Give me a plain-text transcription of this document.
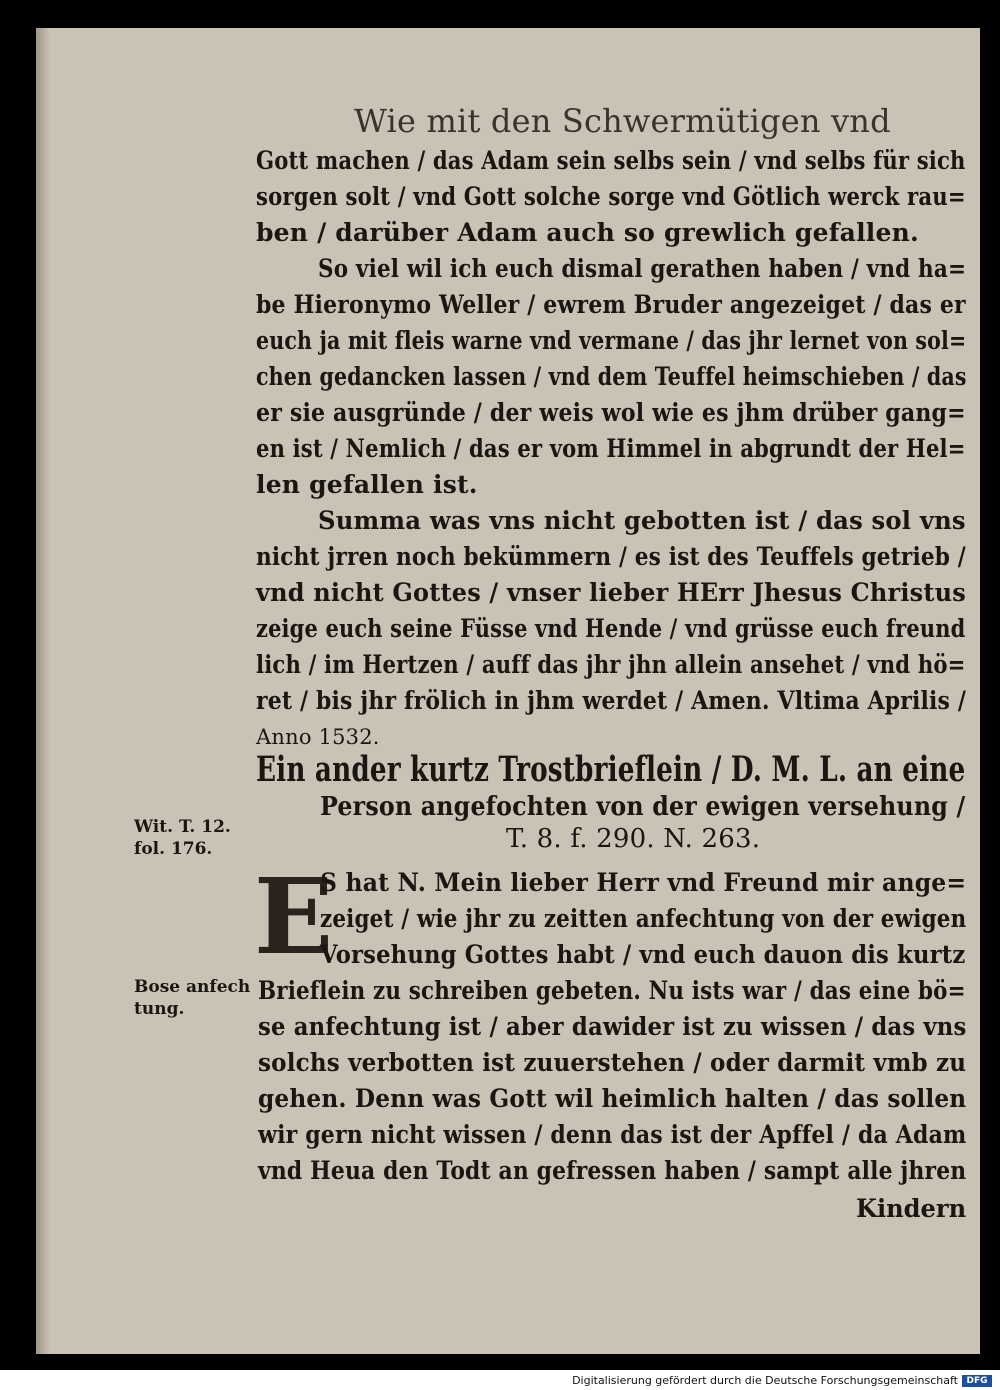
Wie mit den Schwermütigen vnd
Gott machen / das Adam sein selbs sein / vnd selbs für sich
sorgen solt / vnd Gott solche sorge vnd Götlich werck rau=
ben / darüber Adam auch so grewlich gefallen.
So viel wil ich euch dismal gerathen haben / vnd ha=
be Hieronymo Weller / ewrem Bruder angezeiget / das er
euch ja mit fleis warne vnd vermane / das jhr lernet von sol=
chen gedancken lassen / vnd dem Teuffel heimschieben / das
er sie ausgründe / der weis wol wie es jhm drüber gang=
en ist / Nemlich / das er vom Himmel in abgrundt der Hel=
len gefallen ist.
Summa was vns nicht gebotten ist / das sol vns
nicht jrren noch bekümmern / es ist des Teuffels getrieb /
vnd nicht Gottes / vnser lieber HErr Jhesus Christus
zeige euch seine Füsse vnd Hende / vnd grüsse euch freund
lich / im Hertzen / auff das jhr jhn allein ansehet / vnd hö=
ret / bis jhr frölich in jhm werdet / Amen. Vltima Aprilis /
Anno 1532.
Ein ander kurtz Trostbrieflein / D. M. L. an eine
Person angefochten von der ewigen versehung /
T. 8. f. 290. N. 263.
Wit. T. 12.
fol. 176.
Bose anfech
tung.
E
S hat N. Mein lieber Herr vnd Freund mir ange=
zeiget / wie jhr zu zeitten anfechtung von der ewigen
Vorsehung Gottes habt / vnd euch dauon dis kurtz
Brieflein zu schreiben gebeten. Nu ists war / das eine bö=
se anfechtung ist / aber dawider ist zu wissen / das vns
solchs verbotten ist zuuerstehen / oder darmit vmb zu
gehen. Denn was Gott wil heimlich halten / das sollen
wir gern nicht wissen / denn das ist der Apffel / da Adam
vnd Heua den Todt an gefressen haben / sampt alle jhren
Kindern
Digitalisierung gefördert durch die Deutsche Forschungsgemeinschaft DFG
